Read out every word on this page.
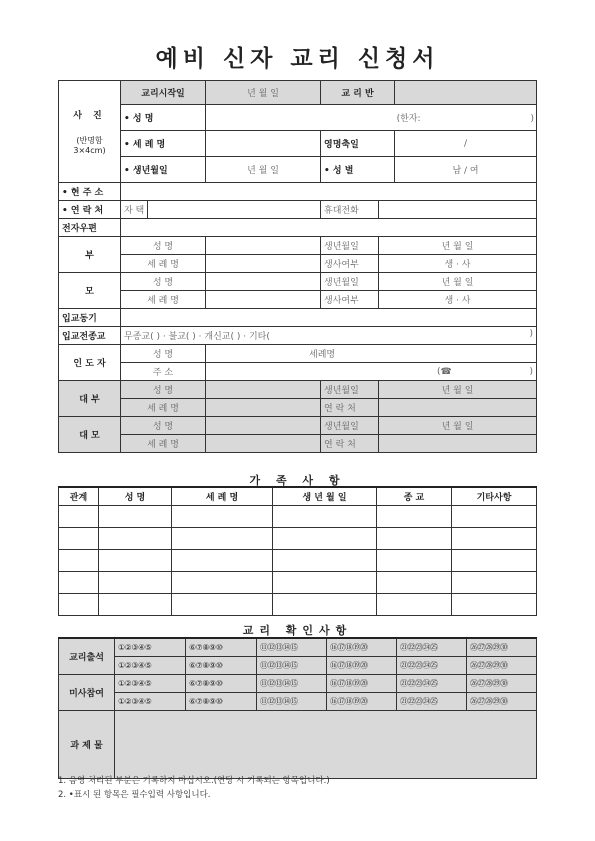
예비 신자 교리 신청서
사 진
(반명함 3×4cm)	교리시작일		년 월 일	교 리 반		
	• 성 명		(한자: )			
	• 세 례 명			영명축일		/
	• 생년월일		년 월 일	• 성 별		남 / 여
• 현 주 소						
• 연 락 처	자 택			휴대전화		
전자우편						
부	성 명			생년월일	년 월 일	
	세 례 명			생사여부	생 · 사	
모	성 명			생년월일	년 월 일	
	세 례 명			생사여부	생 · 사	
입교동기						
입교전종교	무종교( ) · 불교( ) · 개신교( ) · 기타( )					

인 도 자	성 명		세례명			
	주 소		(☎ )			

대 부	성 명			생년월일	년 월 일	
	세 례 명			연 락 처		
대 모	성 명			생년월일	년 월 일	
	세 례 명			연 락 처		
가 족 사 항
관계	성 명	세 례 명	생 년 월 일	종 교	기타사항

교리 확인사항
교리출석	①②③④⑤	⑥⑦⑧⑨⑩	⑪⑫⑬⑭⑮	⑯⑰⑱⑲⑳	㉑㉒㉓㉔㉕	㉖㉗㉘㉙㉚
	①②③④⑤	⑥⑦⑧⑨⑩	⑪⑫⑬⑭⑮	⑯⑰⑱⑲⑳	㉑㉒㉓㉔㉕	㉖㉗㉘㉙㉚
미사참여	①②③④⑤	⑥⑦⑧⑨⑩	⑪⑫⑬⑭⑮	⑯⑰⑱⑲⑳	㉑㉒㉓㉔㉕	㉖㉗㉘㉙㉚
	①②③④⑤	⑥⑦⑧⑨⑩	⑪⑫⑬⑭⑮	⑯⑰⑱⑲⑳	㉑㉒㉓㉔㉕	㉖㉗㉘㉙㉚
과 제 물						
1. 음영 처리된 부분은 기록하지 마십시오.(연당 시 기록되는 항목입니다.)
2. •표시 된 항목은 필수입력 사항입니다.
